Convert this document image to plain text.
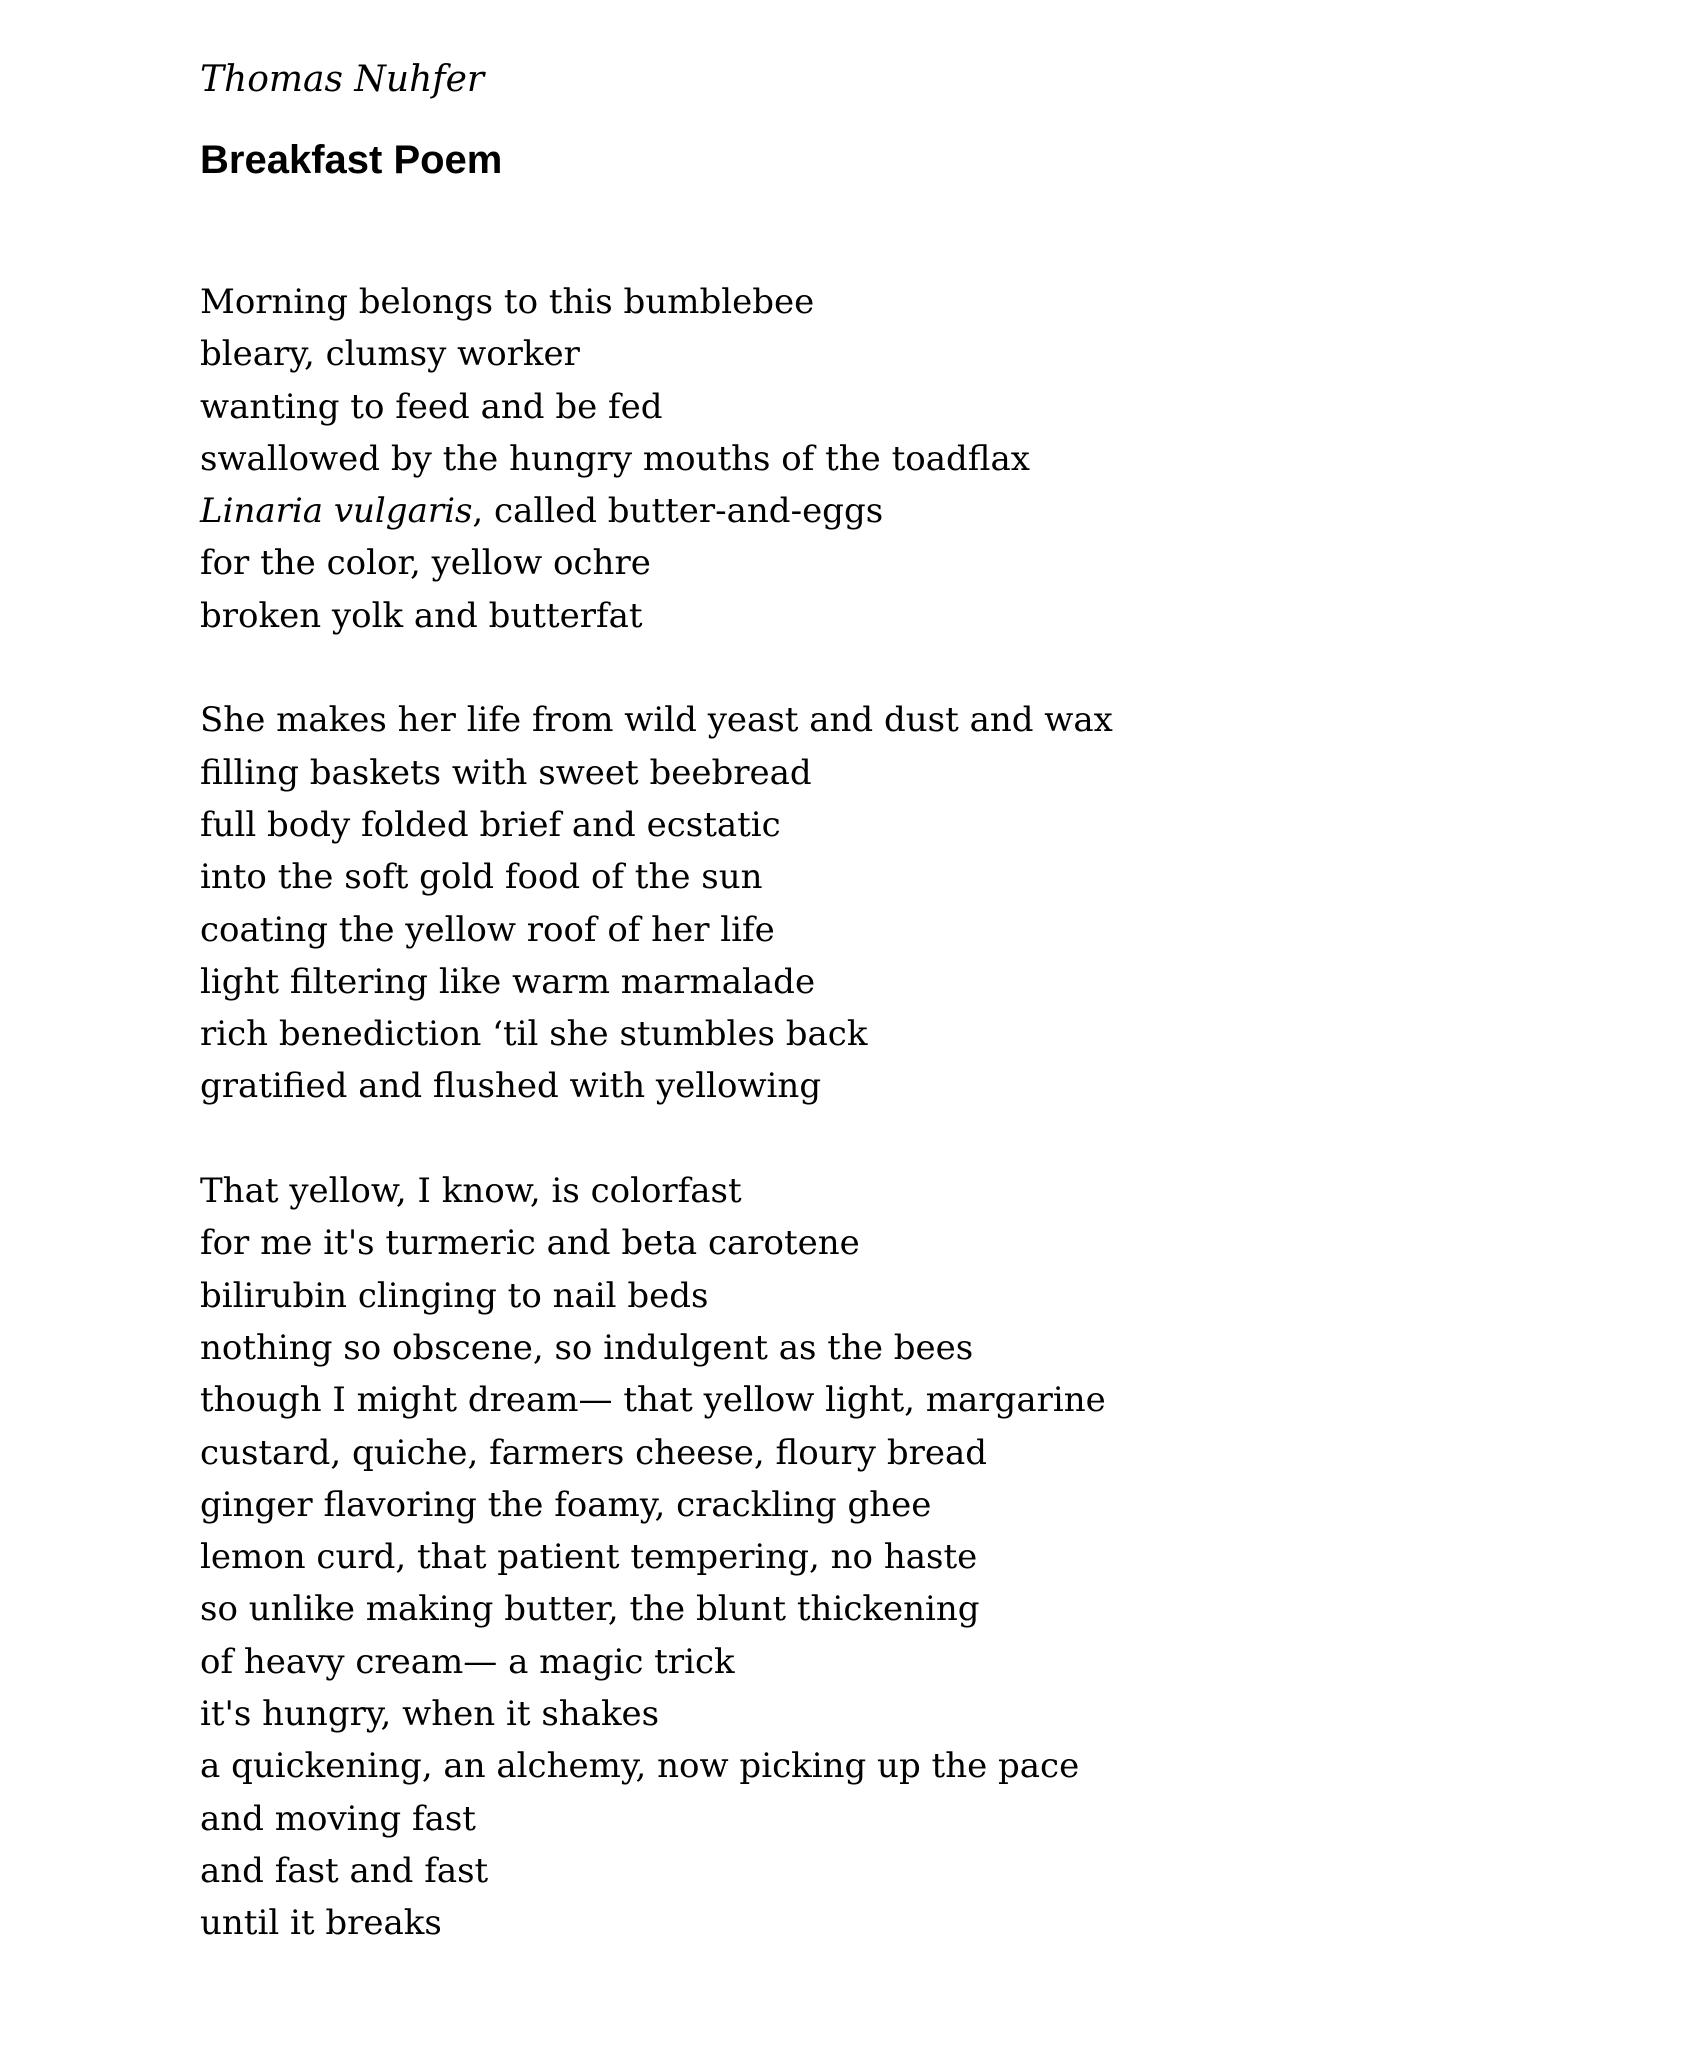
Thomas Nuhfer

Breakfast Poem
Morning belongs to this bumblebee
bleary, clumsy worker
wanting to feed and be fed
swallowed by the hungry mouths of the toadflax
Linaria vulgaris, called butter-and-eggs
for the color, yellow ochre
broken yolk and butterfat
She makes her life from wild yeast and dust and wax
filling baskets with sweet beebread
full body folded brief and ecstatic
into the soft gold food of the sun
coating the yellow roof of her life
light filtering like warm marmalade
rich benediction ‘til she stumbles back
gratified and flushed with yellowing
That yellow, I know, is colorfast
for me it's turmeric and beta carotene
bilirubin clinging to nail beds
nothing so obscene, so indulgent as the bees
though I might dream— that yellow light, margarine
custard, quiche, farmers cheese, floury bread
ginger flavoring the foamy, crackling ghee
lemon curd, that patient tempering, no haste
so unlike making butter, the blunt thickening
of heavy cream— a magic trick
it's hungry, when it shakes
a quickening, an alchemy, now picking up the pace
and moving fast
and fast and fast
until it breaks
